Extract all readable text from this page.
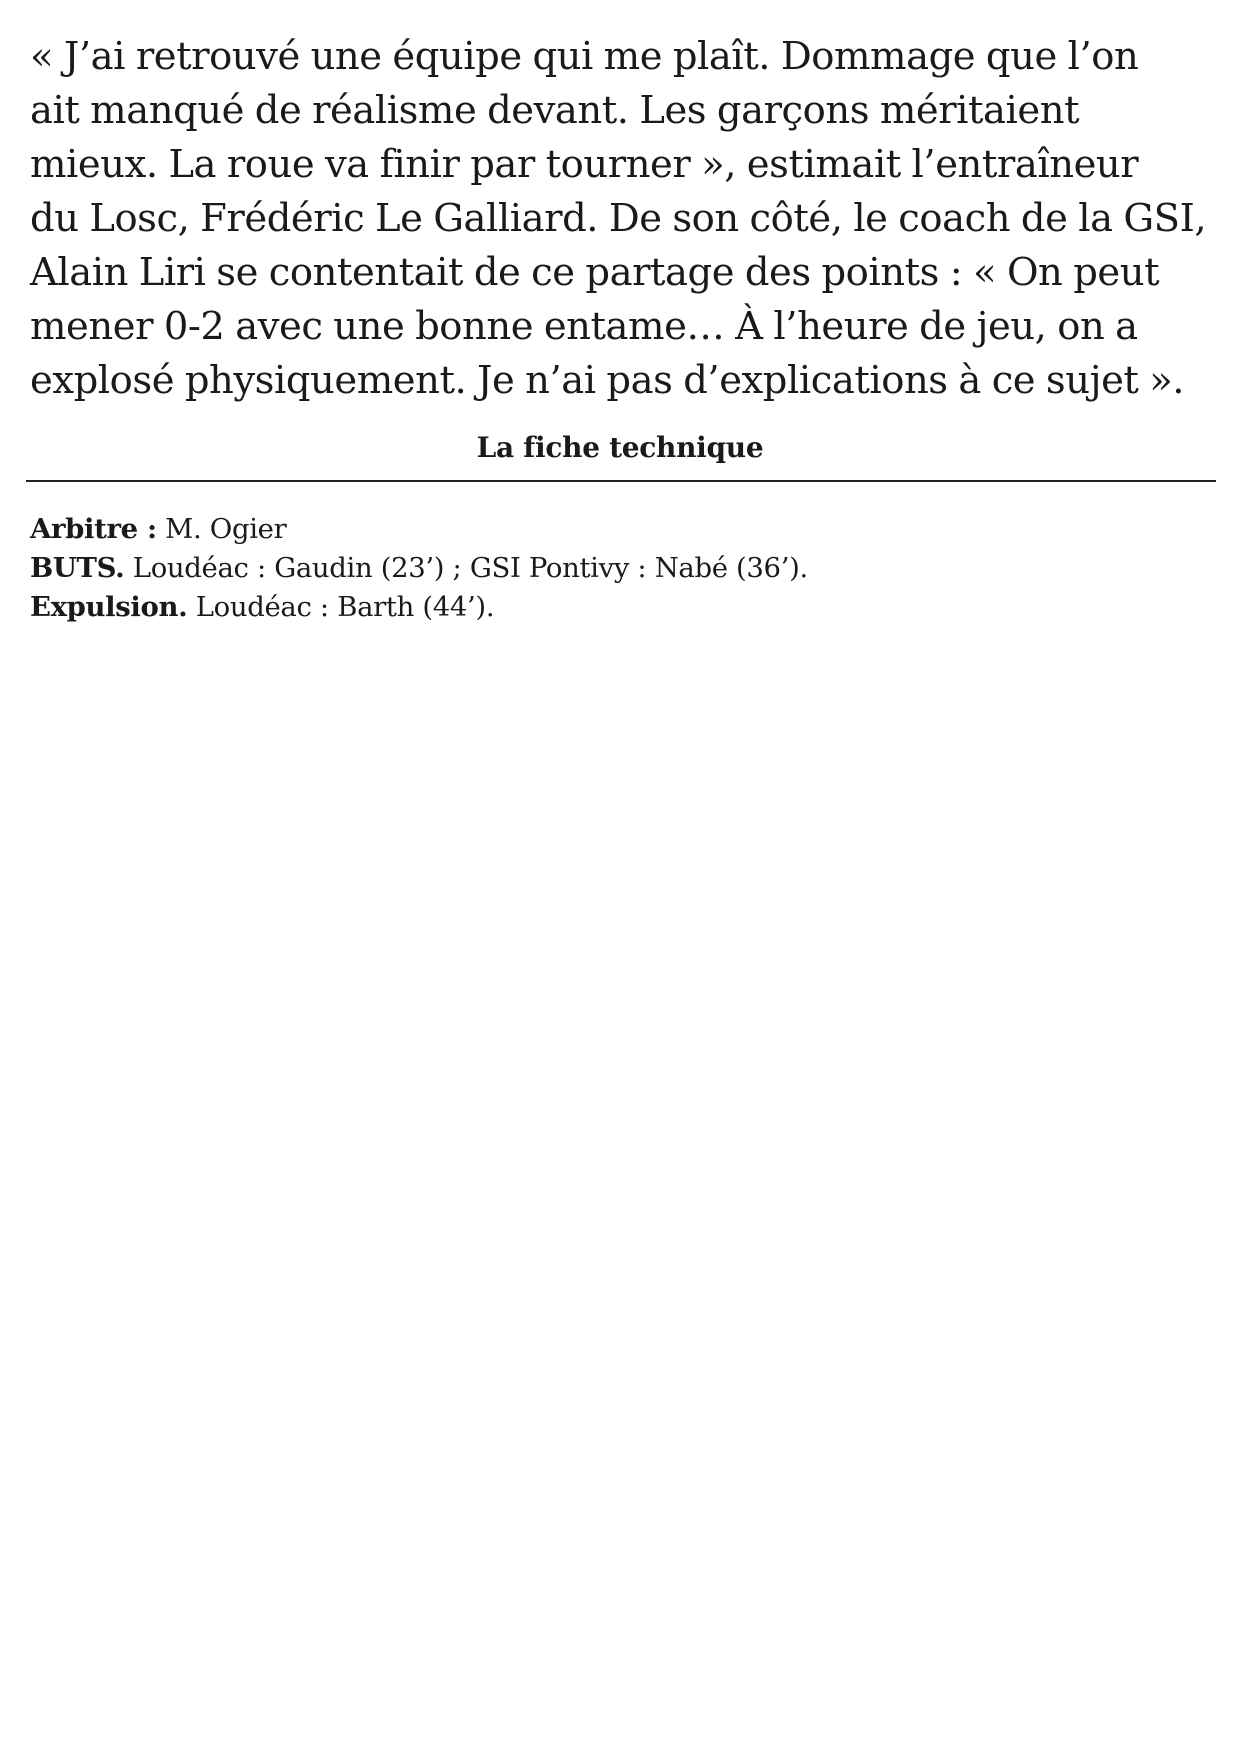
« J’ai retrouvé une équipe qui me plaît. Dommage que l’on
ait manqué de réalisme devant. Les garçons méritaient
mieux. La roue va finir par tourner », estimait l’entraîneur
du Losc, Frédéric Le Galliard. De son côté, le coach de la GSI,
Alain Liri se contentait de ce partage des points : « On peut
mener 0-2 avec une bonne entame… À l’heure de jeu, on a
explosé physiquement. Je n’ai pas d’explications à ce sujet ».

La fiche technique
Arbitre : M. Ogier
BUTS. Loudéac : Gaudin (23’) ; GSI Pontivy : Nabé (36’).
Expulsion. Loudéac : Barth (44’).
